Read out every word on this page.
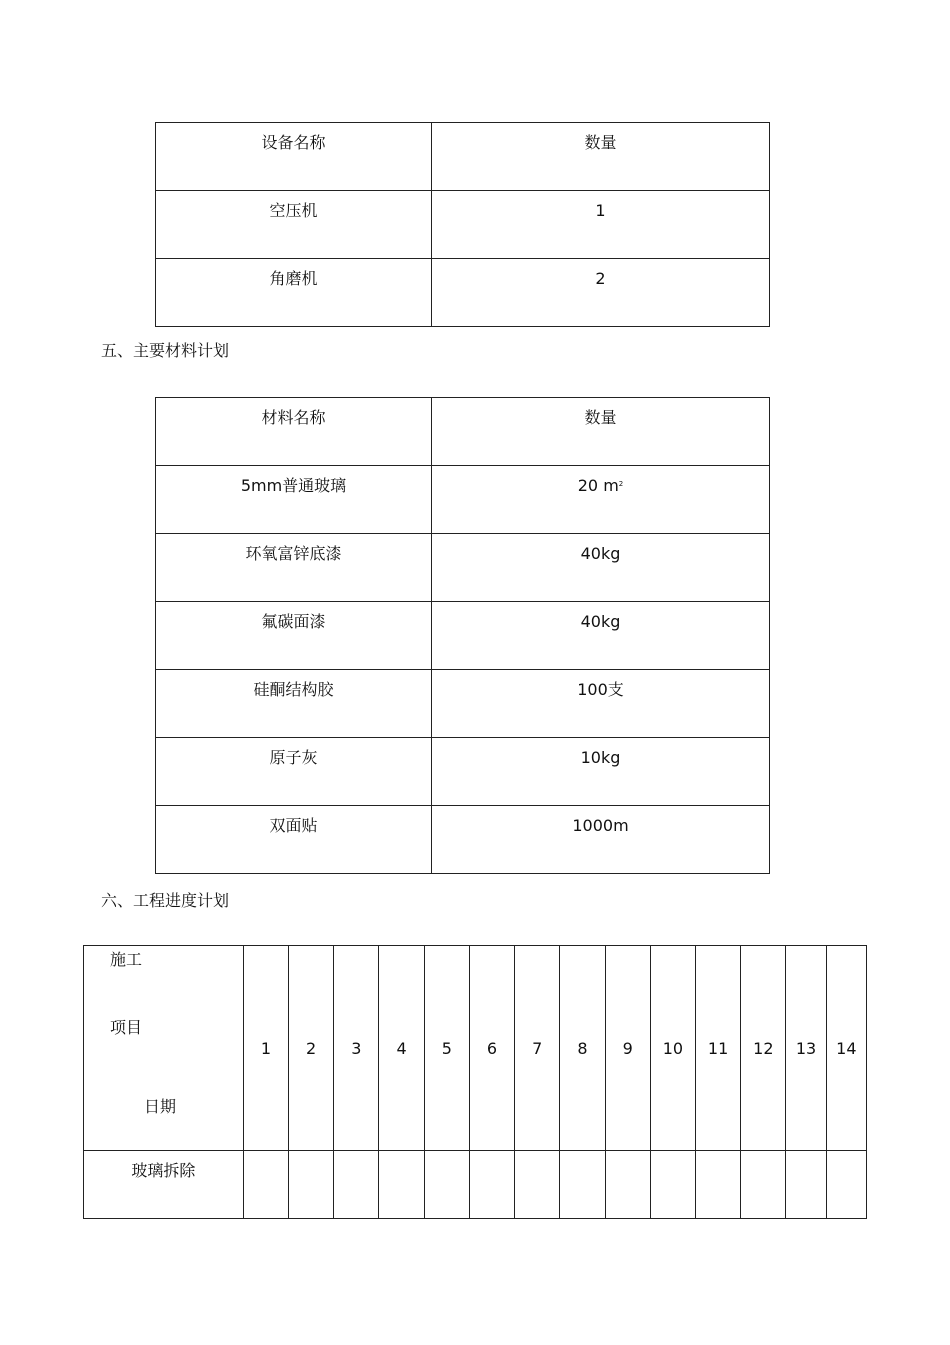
设备名称	数量

空压机	1

角磨机	2
五、主要材料计划
材料名称	数量

5mm普通玻璃	20 $m^2$

环氧富锌底漆	40kg

氟碳面漆	40kg

硅酮结构胶	100支

原子灰	10kg

双面贴	1000m
六、工程进度计划
施工
项目
日期	1	2	3	4	5	6	7	8	9	10	11	12	13	14

玻璃拆除														
